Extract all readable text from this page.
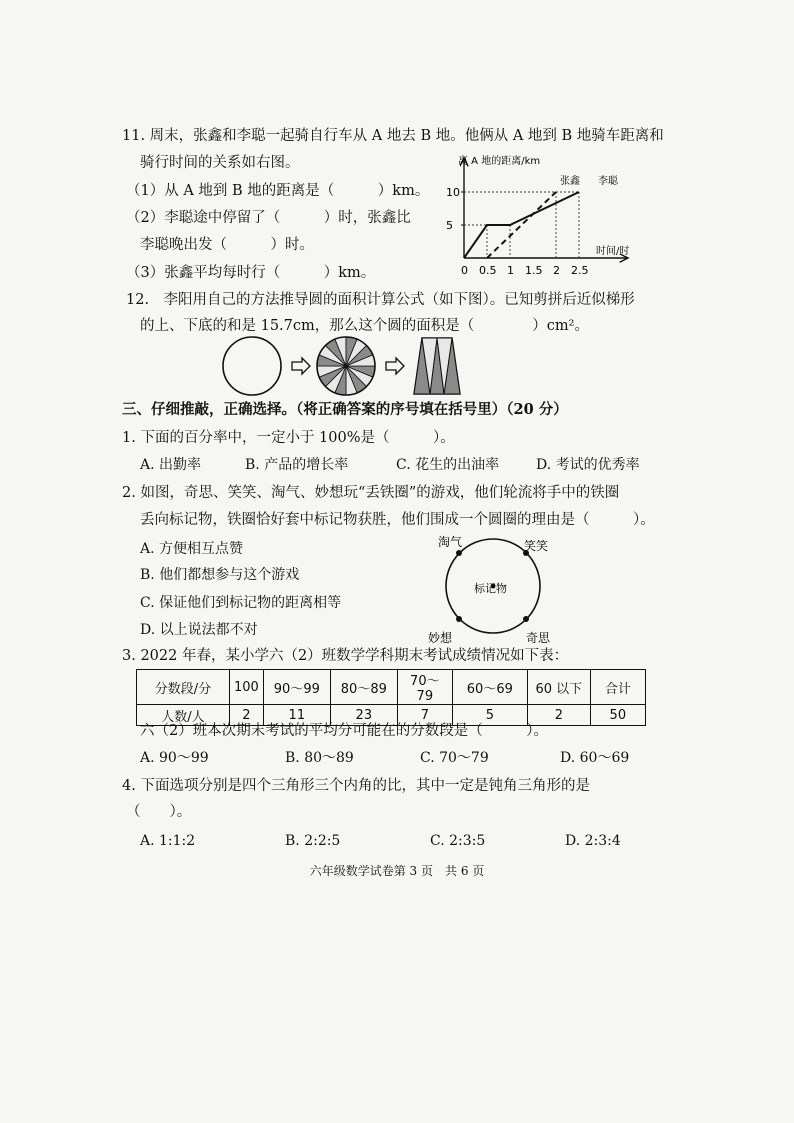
11. 周末，张鑫和李聪一起骑自行车从 A 地去 B 地。他俩从 A 地到 B 地骑车距离和
骑行时间的关系如右图。
（1）从 A 地到 B 地的距离是（　　　）km。
（2）李聪途中停留了（　　　）时，张鑫比
李聪晚出发（　　　）时。
（3）张鑫平均每时行（　　　）km。
离 A 地的距离/km
时间/时
张鑫 李聪
10
5
0 0.5 1 1.5 2 2.5
12.　李阳用自己的方法推导圆的面积计算公式（如下图）。已知剪拼后近似梯形
的上、下底的和是 15.7cm，那么这个圆的面积是（　　　　）cm²。
三、仔细推敲，正确选择。（将正确答案的序号填在括号里）（20 分）
1. 下面的百分率中，一定小于 100%是（　　　）。
A. 出勤率	B. 产品的增长率	C. 花生的出油率	D. 考试的优秀率
2. 如图，奇思、笑笑、淘气、妙想玩“丢铁圈”的游戏，他们轮流将手中的铁圈
丢向标记物，铁圈恰好套中标记物获胜，他们围成一个圆圈的理由是（　　　）。
A. 方便相互点赞
B. 他们都想参与这个游戏
C. 保证他们到标记物的距离相等
D. 以上说法都不对
淘气	笑笑
妙想	奇思
标记物
3. 2022 年春，某小学六（2）班数学学科期末考试成绩情况如下表：
分数段/分	100	90～99	80～89	70～79	60～69	60 以下	合计
人数/人	2	11	23	7	5	2	50
六（2）班本次期末考试的平均分可能在的分数段是（　　　）。
A. 90～99	B. 80～89	C. 70～79	D. 60～69
4. 下面选项分别是四个三角形三个内角的比，其中一定是钝角三角形的是
（　　）。
A. 1:1:2	B. 2:2:5	C. 2:3:5	D. 2:3:4
六年级数学试卷第 3 页　共 6 页
